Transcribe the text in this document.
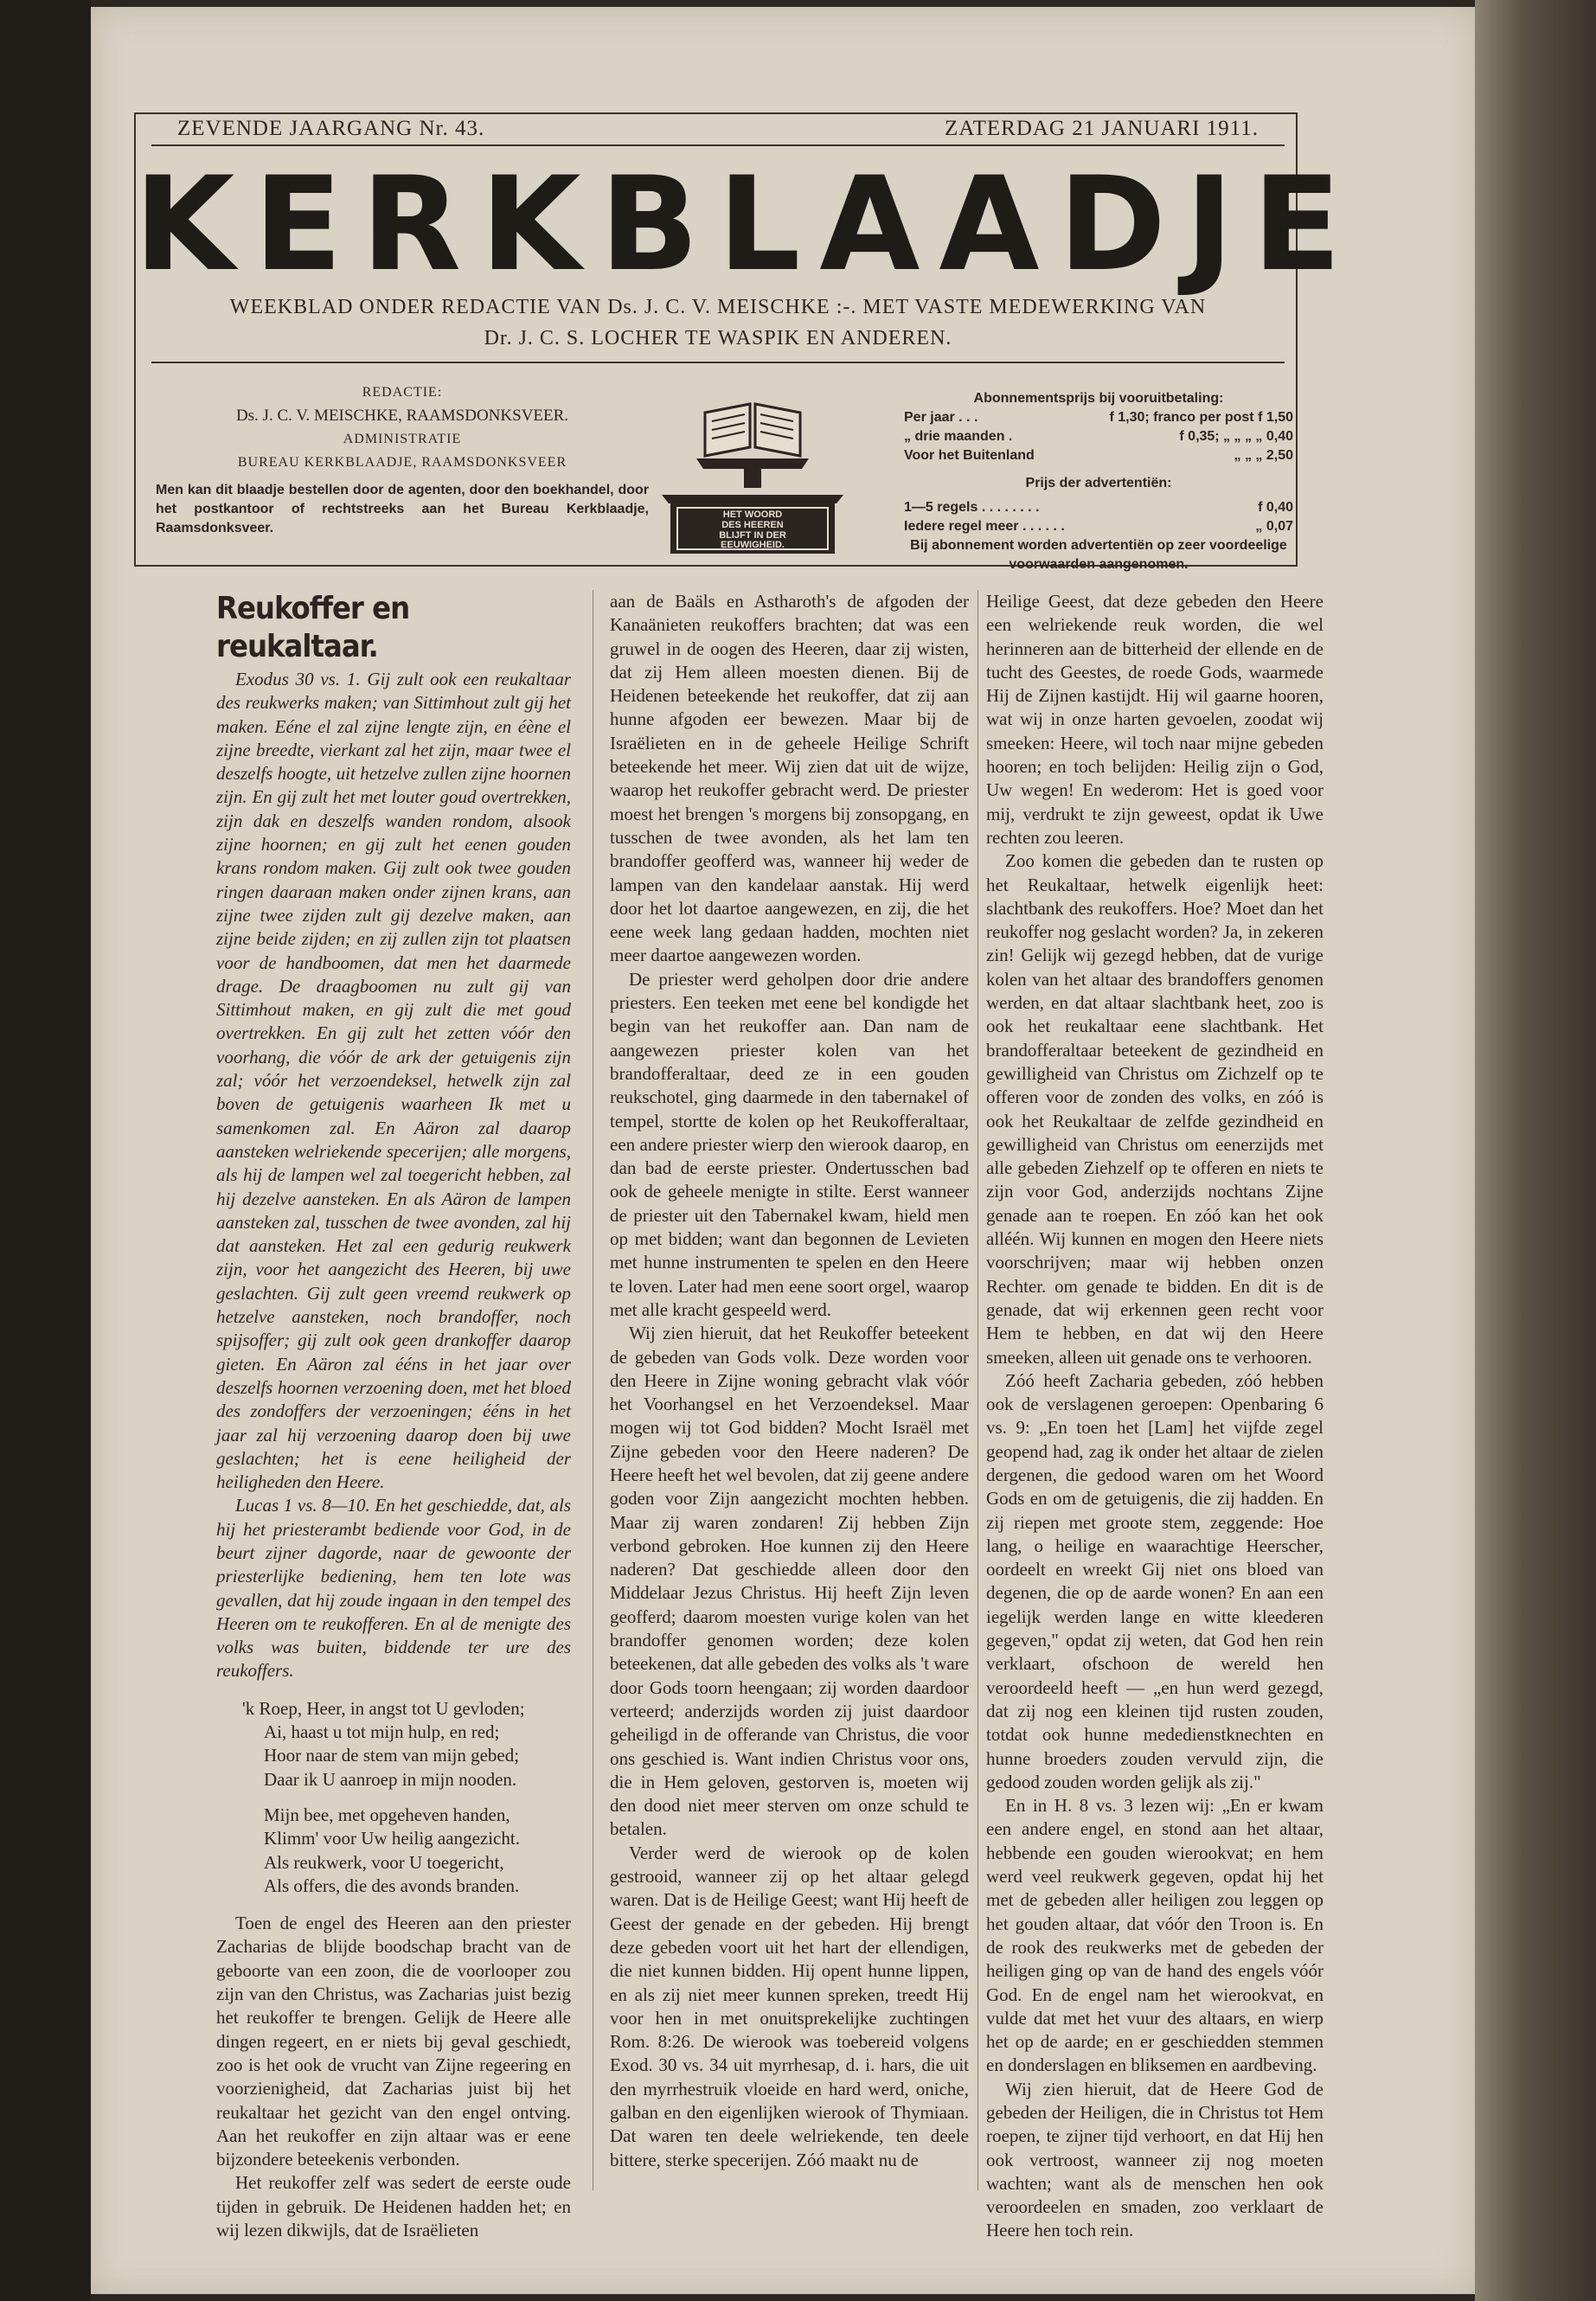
ZEVENDE JAARGANG Nr. 43.	ZATERDAG 21 JANUARI 1911.
KERKBLAADJE
WEEKBLAD ONDER REDACTIE VAN Ds. J. C. V. MEISCHKE :-. MET VASTE MEDEWERKING VAN
Dr. J. C. S. LOCHER TE WASPIK EN ANDEREN.
REDACTIE:
Ds. J. C. V. MEISCHKE, RAAMSDONKSVEER.
ADMINISTRATIE
BUREAU KERKBLAADJE, RAAMSDONKSVEER
Men kan dit blaadje bestellen door de agenten, door den boekhandel, door het postkantoor of rechtstreeks aan het Bureau Kerkblaadje, Raamsdonksveer.
HET WOORD
DES HEEREN
BLIJFT IN DER
EEUWIGHEID.
Abonnementsprijs bij vooruitbetaling:
Per jaar . . .	f 1,30; franco per post f 1,50
„ drie maanden .	f 0,35; „ „ „ „ 0,40
Voor het Buitenland	„ „ „ 2,50
Prijs der advertentiën:
1—5 regels . . . . . . . .	f 0,40
Iedere regel meer . . . . . .	„ 0,07
Bij abonnement worden advertentiën op zeer voordeelige voorwaarden aangenomen.
Reukoffer en reukaltaar.

Exodus 30 vs. 1. Gij zult ook een reukaltaar des reukwerks maken; van Sittimhout zult gij het maken. Eéne el zal zijne lengte zijn, en éène el zijne breedte, vierkant zal het zijn, maar twee el deszelfs hoogte, uit hetzelve zullen zijne hoornen zijn. En gij zult het met louter goud overtrekken, zijn dak en deszelfs wanden rondom, alsook zijne hoornen; en gij zult het eenen gouden krans rondom maken. Gij zult ook twee gouden ringen daaraan maken onder zijnen krans, aan zijne twee zijden zult gij dezelve maken, aan zijne beide zijden; en zij zullen zijn tot plaatsen voor de handboomen, dat men het daarmede drage. De draagboomen nu zult gij van Sittimhout maken, en gij zult die met goud overtrekken. En gij zult het zetten vóór den voorhang, die vóór de ark der getuigenis zijn zal; vóór het verzoendeksel, hetwelk zijn zal boven de getuigenis waarheen Ik met u samenkomen zal. En Aäron zal daarop aansteken welriekende specerijen; alle morgens, als hij de lampen wel zal toegericht hebben, zal hij dezelve aansteken. En als Aäron de lampen aansteken zal, tusschen de twee avonden, zal hij dat aansteken. Het zal een gedurig reukwerk zijn, voor het aangezicht des Heeren, bij uwe geslachten. Gij zult geen vreemd reukwerk op hetzelve aansteken, noch brandoffer, noch spijsoffer; gij zult ook geen drankoffer daarop gieten. En Aäron zal ééns in het jaar over deszelfs hoornen verzoening doen, met het bloed des zondoffers der verzoeningen; ééns in het jaar zal hij verzoening daarop doen bij uwe geslachten; het is eene heiligheid der heiligheden den Heere.

Lucas 1 vs. 8—10. En het geschiedde, dat, als hij het priesterambt bediende voor God, in de beurt zijner dagorde, naar de gewoonte der priesterlijke bediening, hem ten lote was gevallen, dat hij zoude ingaan in den tempel des Heeren om te reukofferen. En al de menigte des volks was buiten, biddende ter ure des reukoffers.

'k Roep, Heer, in angst tot U gevloden;
Ai, haast u tot mijn hulp, en red;
Hoor naar de stem van mijn gebed;
Daar ik U aanroep in mijn nooden.
Mijn bee, met opgeheven handen,
Klimm' voor Uw heilig aangezicht.
Als reukwerk, voor U toegericht,
Als offers, die des avonds branden.

Toen de engel des Heeren aan den priester Zacharias de blijde boodschap bracht van de geboorte van een zoon, die de voorlooper zou zijn van den Christus, was Zacharias juist bezig het reukoffer te brengen. Gelijk de Heere alle dingen regeert, en er niets bij geval geschiedt, zoo is het ook de vrucht van Zijne regeering en voorzienigheid, dat Zacharias juist bij het reukaltaar het gezicht van den engel ontving. Aan het reukoffer en zijn altaar was er eene bijzondere beteekenis verbonden.

Het reukoffer zelf was sedert de eerste oude tijden in gebruik. De Heidenen hadden het; en wij lezen dikwijls, dat de Israëlieten

aan de Baäls en Astharoth's de afgoden der Kanaänieten reukoffers brachten; dat was een gruwel in de oogen des Heeren, daar zij wisten, dat zij Hem alleen moesten dienen. Bij de Heidenen beteekende het reukoffer, dat zij aan hunne afgoden eer bewezen. Maar bij de Israëlieten en in de geheele Heilige Schrift beteekende het meer. Wij zien dat uit de wijze, waarop het reukoffer gebracht werd. De priester moest het brengen 's morgens bij zonsopgang, en tusschen de twee avonden, als het lam ten brandoffer geofferd was, wanneer hij weder de lampen van den kandelaar aanstak. Hij werd door het lot daartoe aangewezen, en zij, die het eene week lang gedaan hadden, mochten niet meer daartoe aangewezen worden.

De priester werd geholpen door drie andere priesters. Een teeken met eene bel kondigde het begin van het reukoffer aan. Dan nam de aangewezen priester kolen van het brandofferaltaar, deed ze in een gouden reukschotel, ging daarmede in den tabernakel of tempel, stortte de kolen op het Reukofferaltaar, een andere priester wierp den wierook daarop, en dan bad de eerste priester. Ondertusschen bad ook de geheele menigte in stilte. Eerst wanneer de priester uit den Tabernakel kwam, hield men op met bidden; want dan begonnen de Levieten met hunne instrumenten te spelen en den Heere te loven. Later had men eene soort orgel, waarop met alle kracht gespeeld werd.

Wij zien hieruit, dat het Reukoffer beteekent de gebeden van Gods volk. Deze worden voor den Heere in Zijne woning gebracht vlak vóór het Voorhangsel en het Verzoendeksel. Maar mogen wij tot God bidden? Mocht Israël met Zijne gebeden voor den Heere naderen? De Heere heeft het wel bevolen, dat zij geene andere goden voor Zijn aangezicht mochten hebben. Maar zij waren zondaren! Zij hebben Zijn verbond gebroken. Hoe kunnen zij den Heere naderen? Dat geschiedde alleen door den Middelaar Jezus Christus. Hij heeft Zijn leven geofferd; daarom moesten vurige kolen van het brandoffer genomen worden; deze kolen beteekenen, dat alle gebeden des volks als 't ware door Gods toorn heengaan; zij worden daardoor verteerd; anderzijds worden zij juist daardoor geheiligd in de offerande van Christus, die voor ons geschied is. Want indien Christus voor ons, die in Hem geloven, gestorven is, moeten wij den dood niet meer sterven om onze schuld te betalen.

Verder werd de wierook op de kolen gestrooid, wanneer zij op het altaar gelegd waren. Dat is de Heilige Geest; want Hij heeft de Geest der genade en der gebeden. Hij brengt deze gebeden voort uit het hart der ellendigen, die niet kunnen bidden. Hij opent hunne lippen, en als zij niet meer kunnen spreken, treedt Hij voor hen in met onuitsprekelijke zuchtingen Rom. 8:26. De wierook was toebereid volgens Exod. 30 vs. 34 uit myrrhesap, d. i. hars, die uit den myrrhestruik vloeide en hard werd, oniche, galban en den eigenlijken wierook of Thymiaan. Dat waren ten deele welriekende, ten deele bittere, sterke specerijen. Zóó maakt nu de

Heilige Geest, dat deze gebeden den Heere een welriekende reuk worden, die wel herinneren aan de bitterheid der ellende en de tucht des Geestes, de roede Gods, waarmede Hij de Zijnen kastijdt. Hij wil gaarne hooren, wat wij in onze harten gevoelen, zoodat wij smeeken: Heere, wil toch naar mijne gebeden hooren; en toch belijden: Heilig zijn o God, Uw wegen! En wederom: Het is goed voor mij, verdrukt te zijn geweest, opdat ik Uwe rechten zou leeren.

Zoo komen die gebeden dan te rusten op het Reukaltaar, hetwelk eigenlijk heet: slachtbank des reukoffers. Hoe? Moet dan het reukoffer nog geslacht worden? Ja, in zekeren zin! Gelijk wij gezegd hebben, dat de vurige kolen van het altaar des brandoffers genomen werden, en dat altaar slachtbank heet, zoo is ook het reukaltaar eene slachtbank. Het brandofferaltaar beteekent de gezindheid en gewilligheid van Christus om Zichzelf op te offeren voor de zonden des volks, en zóó is ook het Reukaltaar de zelfde gezindheid en gewilligheid van Christus om eenerzijds met alle gebeden Ziehzelf op te offeren en niets te zijn voor God, anderzijds nochtans Zijne genade aan te roepen. En zóó kan het ook alléén. Wij kunnen en mogen den Heere niets voorschrijven; maar wij hebben onzen Rechter. om genade te bidden. En dit is de genade, dat wij erkennen geen recht voor Hem te hebben, en dat wij den Heere smeeken, alleen uit genade ons te verhooren.

Zóó heeft Zacharia gebeden, zóó hebben ook de verslagenen geroepen: Openbaring 6 vs. 9: „En toen het [Lam] het vijfde zegel geopend had, zag ik onder het altaar de zielen dergenen, die gedood waren om het Woord Gods en om de getuigenis, die zij hadden. En zij riepen met groote stem, zeggende: Hoe lang, o heilige en waarachtige Heerscher, oordeelt en wreekt Gij niet ons bloed van degenen, die op de aarde wonen? En aan een iegelijk werden lange en witte kleederen gegeven," opdat zij weten, dat God hen rein verklaart, ofschoon de wereld hen veroordeeld heeft — „en hun werd gezegd, dat zij nog een kleinen tijd rusten zouden, totdat ook hunne mededienstknechten en hunne broeders zouden vervuld zijn, die gedood zouden worden gelijk als zij."

En in H. 8 vs. 3 lezen wij: „En er kwam een andere engel, en stond aan het altaar, hebbende een gouden wierookvat; en hem werd veel reukwerk gegeven, opdat hij het met de gebeden aller heiligen zou leggen op het gouden altaar, dat vóór den Troon is. En de rook des reukwerks met de gebeden der heiligen ging op van de hand des engels vóór God. En de engel nam het wierookvat, en vulde dat met het vuur des altaars, en wierp het op de aarde; en er geschiedden stemmen en donderslagen en bliksemen en aardbeving.

Wij zien hieruit, dat de Heere God de gebeden der Heiligen, die in Christus tot Hem roepen, te zijner tijd verhoort, en dat Hij hen ook vertroost, wanneer zij nog moeten wachten; want als de menschen hen ook veroordeelen en smaden, zoo verklaart de Heere hen toch rein.
